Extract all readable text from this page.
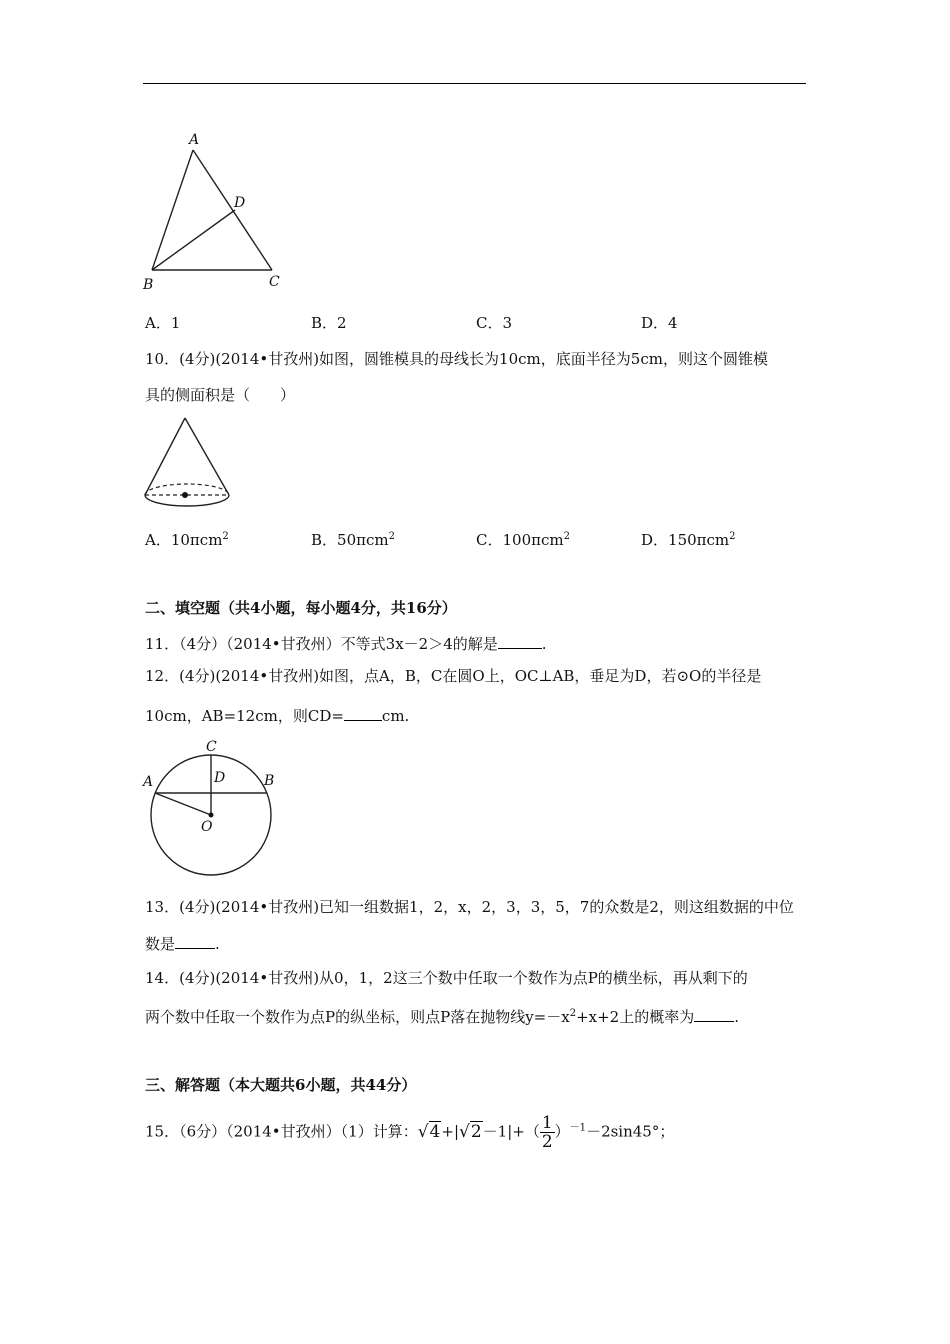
A
D
B	C
A．1	B．2	C．3	D．4
10．(4分)(2014•甘孜州)如图，圆锥模具的母线长为10cm，底面半径为5cm，则这个圆锥模
具的侧面积是（　　）
A．10πcm$^2$	B．50πcm$^2$	C．100πcm$^2$	D．150πcm$^2$
二、填空题（共4小题，每小题4分，共16分）
11．（4分）（2014•甘孜州）不等式3x－2＞4的解是	.
12．(4分)(2014•甘孜州)如图，点A，B，C在圆O上，OC⊥AB，垂足为D，若⊙O的半径是
10cm，AB=12cm，则CD=	cm.
C
D
A	B
O
13．(4分)(2014•甘孜州)已知一组数据1，2，x，2，3，3，5，7的众数是2，则这组数据的中位
数是	.
14．(4分)(2014•甘孜州)从0，1，2这三个数中任取一个数作为点P的横坐标，再从剩下的
两个数中任取一个数作为点P的纵坐标，则点P落在抛物线$y=-x^2+x+2$上的概率为	.
三、解答题（本大题共6小题，共44分）
15．（6分）（2014•甘孜州）（1）计算：$√4+|√2-1|+( \frac{1}{2} )^{-1}-2\sin 45^\circ$；
